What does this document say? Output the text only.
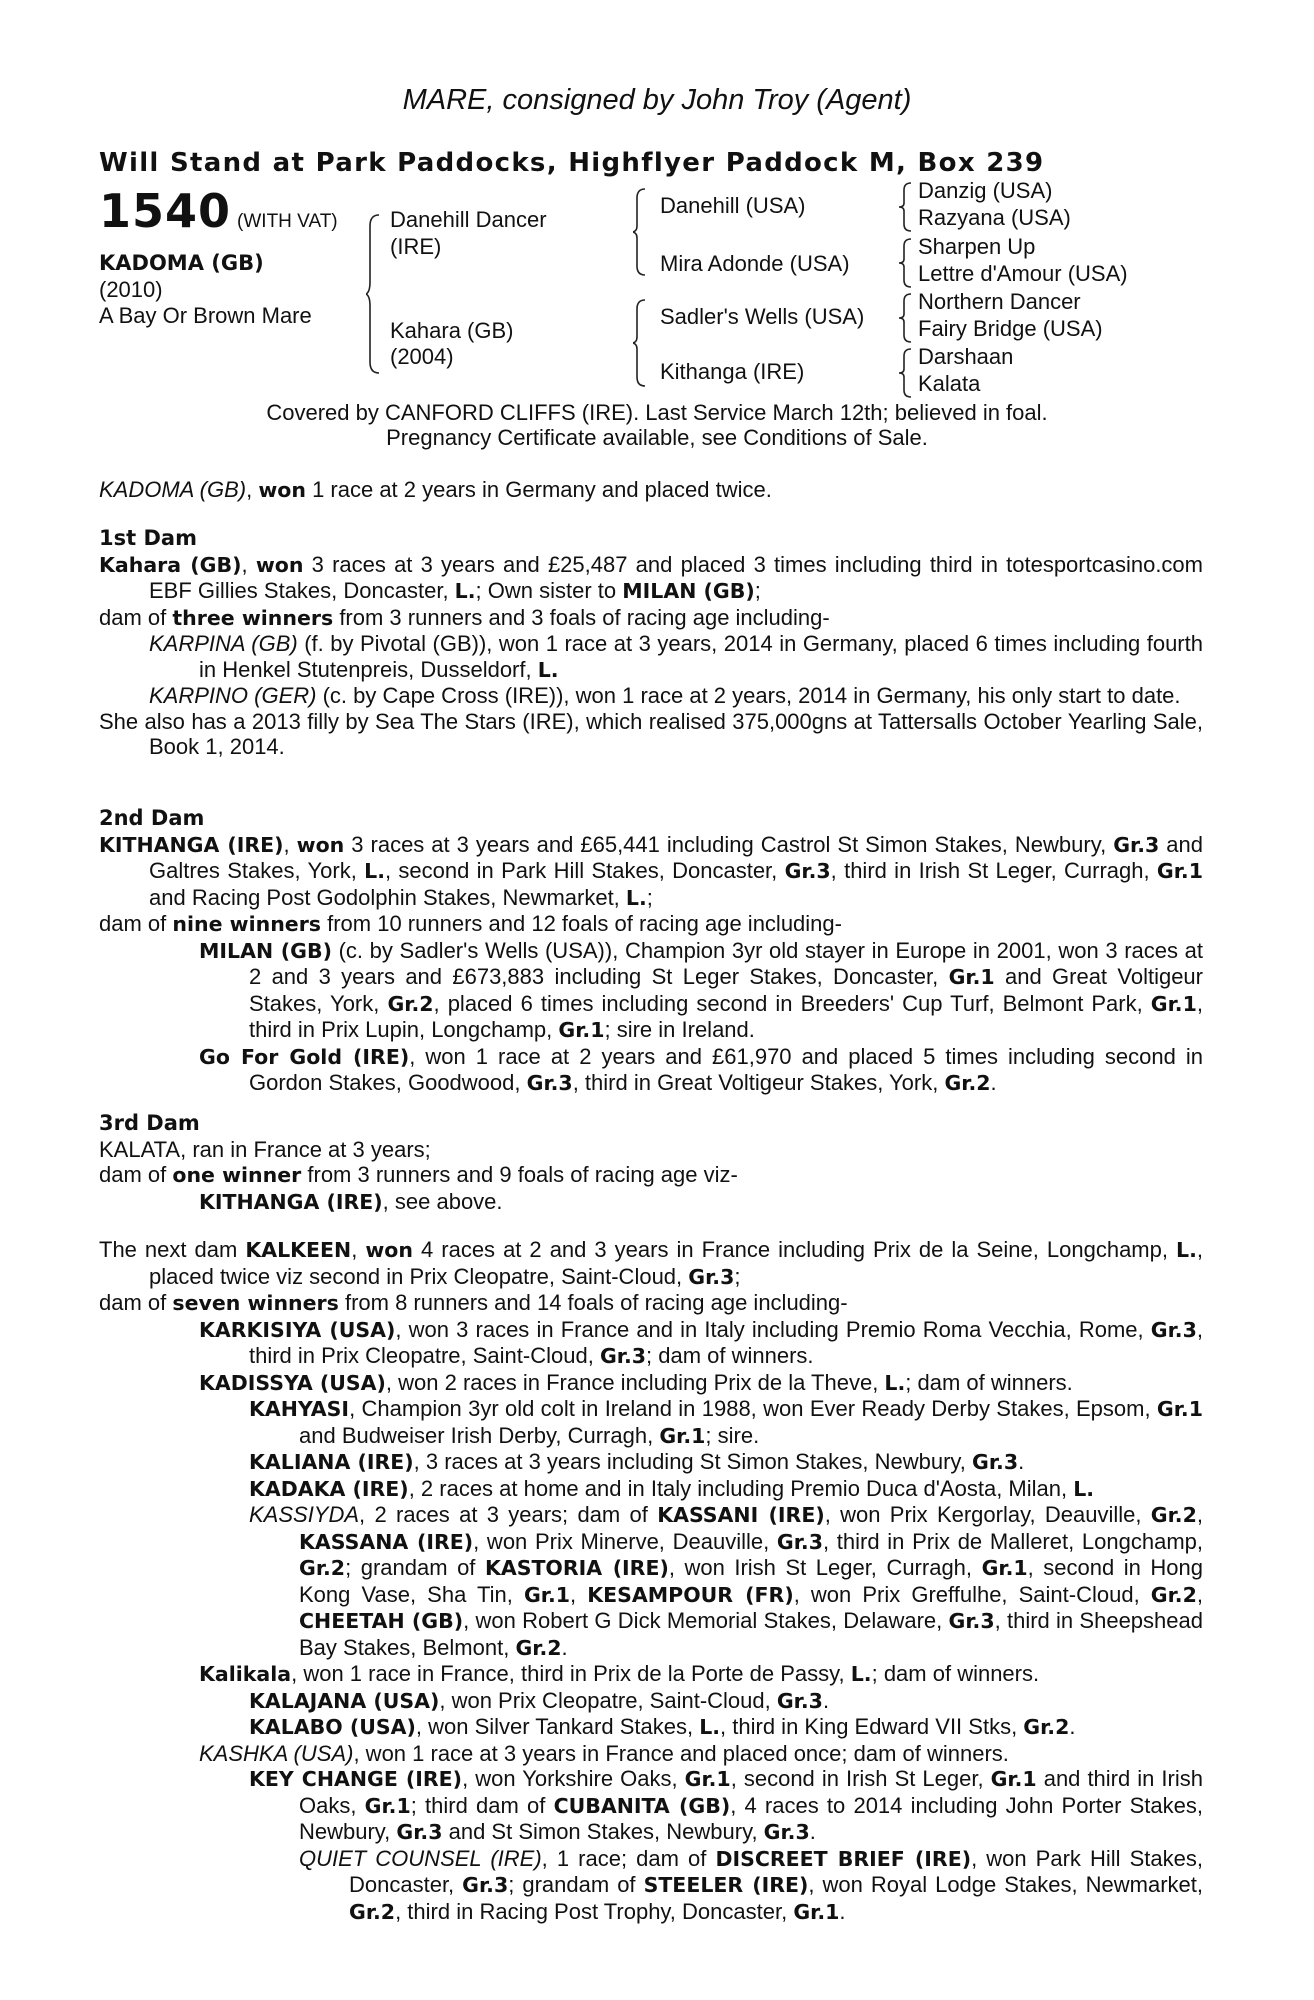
MARE, consigned by John Troy (Agent)
Will Stand at Park Paddocks, Highflyer Paddock M, Box 239
1540 (WITH VAT)
KADOMA (GB)
(2010)
A Bay Or Brown Mare
Danehill Dancer
(IRE)
Kahara (GB)
(2004)
Danehill (USA)
Mira Adonde (USA)
Sadler's Wells (USA)
Kithanga (IRE)
Danzig (USA)
Razyana (USA)
Sharpen Up
Lettre d'Amour (USA)
Northern Dancer
Fairy Bridge (USA)
Darshaan
Kalata
Covered by CANFORD CLIFFS (IRE). Last Service March 12th; believed in foal.
Pregnancy Certificate available, see Conditions of Sale.

KADOMA (GB), won 1 race at 2 years in Germany and placed twice.

1st Dam

Kahara (GB), won 3 races at 3 years and £25,487 and placed 3 times including third in totesportcasino.com EBF Gillies Stakes, Doncaster, L.; Own sister to MILAN (GB);

dam of three winners from 3 runners and 3 foals of racing age including-

KARPINA (GB) (f. by Pivotal (GB)), won 1 race at 3 years, 2014 in Germany, placed 6 times including fourth in Henkel Stutenpreis, Dusseldorf, L.

KARPINO (GER) (c. by Cape Cross (IRE)), won 1 race at 2 years, 2014 in Germany, his only start to date.

She also has a 2013 filly by Sea The Stars (IRE), which realised 375,000gns at Tattersalls October Yearling Sale, Book 1, 2014.

2nd Dam

KITHANGA (IRE), won 3 races at 3 years and £65,441 including Castrol St Simon Stakes, Newbury, Gr.3 and Galtres Stakes, York, L., second in Park Hill Stakes, Doncaster, Gr.3, third in Irish St Leger, Curragh, Gr.1 and Racing Post Godolphin Stakes, Newmarket, L.;

dam of nine winners from 10 runners and 12 foals of racing age including-

MILAN (GB) (c. by Sadler's Wells (USA)), Champion 3yr old stayer in Europe in 2001, won 3 races at 2 and 3 years and £673,883 including St Leger Stakes, Doncaster, Gr.1 and Great Voltigeur Stakes, York, Gr.2, placed 6 times including second in Breeders' Cup Turf, Belmont Park, Gr.1, third in Prix Lupin, Longchamp, Gr.1; sire in Ireland.

Go For Gold (IRE), won 1 race at 2 years and £61,970 and placed 5 times including second in Gordon Stakes, Goodwood, Gr.3, third in Great Voltigeur Stakes, York, Gr.2.

3rd Dam

KALATA, ran in France at 3 years;

dam of one winner from 3 runners and 9 foals of racing age viz-

KITHANGA (IRE), see above.

The next dam KALKEEN, won 4 races at 2 and 3 years in France including Prix de la Seine, Longchamp, L., placed twice viz second in Prix Cleopatre, Saint-Cloud, Gr.3;

dam of seven winners from 8 runners and 14 foals of racing age including-

KARKISIYA (USA), won 3 races in France and in Italy including Premio Roma Vecchia, Rome, Gr.3, third in Prix Cleopatre, Saint-Cloud, Gr.3; dam of winners.

KADISSYA (USA), won 2 races in France including Prix de la Theve, L.; dam of winners.

KAHYASI, Champion 3yr old colt in Ireland in 1988, won Ever Ready Derby Stakes, Epsom, Gr.1 and Budweiser Irish Derby, Curragh, Gr.1; sire.

KALIANA (IRE), 3 races at 3 years including St Simon Stakes, Newbury, Gr.3.

KADAKA (IRE), 2 races at home and in Italy including Premio Duca d'Aosta, Milan, L.

KASSIYDA, 2 races at 3 years; dam of KASSANI (IRE), won Prix Kergorlay, Deauville, Gr.2, KASSANA (IRE), won Prix Minerve, Deauville, Gr.3, third in Prix de Malleret, Longchamp, Gr.2; grandam of KASTORIA (IRE), won Irish St Leger, Curragh, Gr.1, second in Hong Kong Vase, Sha Tin, Gr.1, KESAMPOUR (FR), won Prix Greffulhe, Saint-Cloud, Gr.2, CHEETAH (GB), won Robert G Dick Memorial Stakes, Delaware, Gr.3, third in Sheepshead Bay Stakes, Belmont, Gr.2.

Kalikala, won 1 race in France, third in Prix de la Porte de Passy, L.; dam of winners.

KALAJANA (USA), won Prix Cleopatre, Saint-Cloud, Gr.3.

KALABO (USA), won Silver Tankard Stakes, L., third in King Edward VII Stks, Gr.2.

KASHKA (USA), won 1 race at 3 years in France and placed once; dam of winners.

KEY CHANGE (IRE), won Yorkshire Oaks, Gr.1, second in Irish St Leger, Gr.1 and third in Irish Oaks, Gr.1; third dam of CUBANITA (GB), 4 races to 2014 including John Porter Stakes, Newbury, Gr.3 and St Simon Stakes, Newbury, Gr.3.

QUIET COUNSEL (IRE), 1 race; dam of DISCREET BRIEF (IRE), won Park Hill Stakes, Doncaster, Gr.3; grandam of STEELER (IRE), won Royal Lodge Stakes, Newmarket, Gr.2, third in Racing Post Trophy, Doncaster, Gr.1.
